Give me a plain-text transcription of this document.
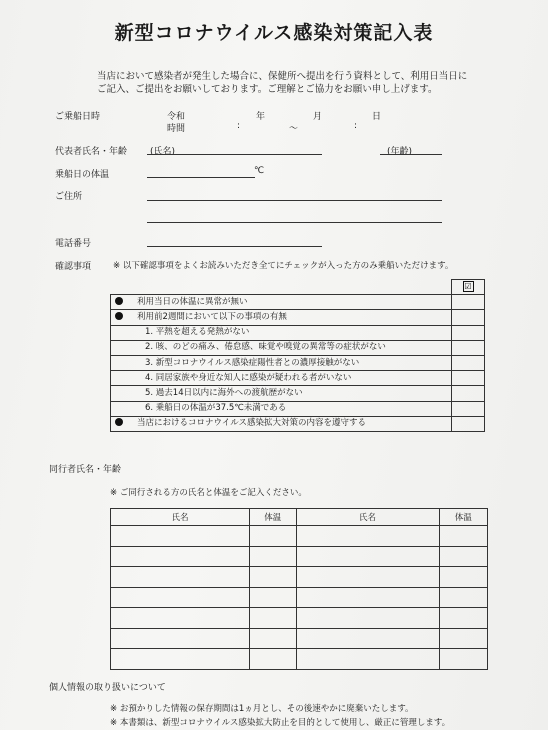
新型コロナウイルス感染対策記入表
当店において感染者が発生した場合に、保健所へ提出を行う資料として、利用日当日に
ご記入、ご提出をお願いしております。ご理解とご協力をお願い申し上げます。
ご乗船日時	令和	年	月	日
時間	:	〜	:
代表者氏名・年齢	(氏名)	(年齢)
乗船日の体温	℃
ご住所
電話番号
確認事項	※ 以下確認事項をよくお読みいただき全てにチェックが入った方のみ乗船いただけます。
	☑
利用当日の体温に異常が無い	
利用前2週間において以下の事項の有無	
1. 平熱を超える発熱がない	
2. 咳、のどの痛み、倦怠感、味覚や嗅覚の異常等の症状がない	
3. 新型コロナウイルス感染症陽性者との濃厚接触がない	
4. 同居家族や身近な知人に感染が疑われる者がいない	
5. 過去14日以内に海外への渡航歴がない	
6. 乗船日の体温が37.5℃未満である	
当店におけるコロナウイルス感染拡大対策の内容を遵守する	
同行者氏名・年齢
※ ご同行される方の氏名と体温をご記入ください。
氏名	体温	氏名	体温

個人情報の取り扱いについて
※ お預かりした情報の保存期間は1ヵ月とし、その後速やかに廃棄いたします。
※ 本書類は、新型コロナウイルス感染拡大防止を目的として使用し、厳正に管理します。
